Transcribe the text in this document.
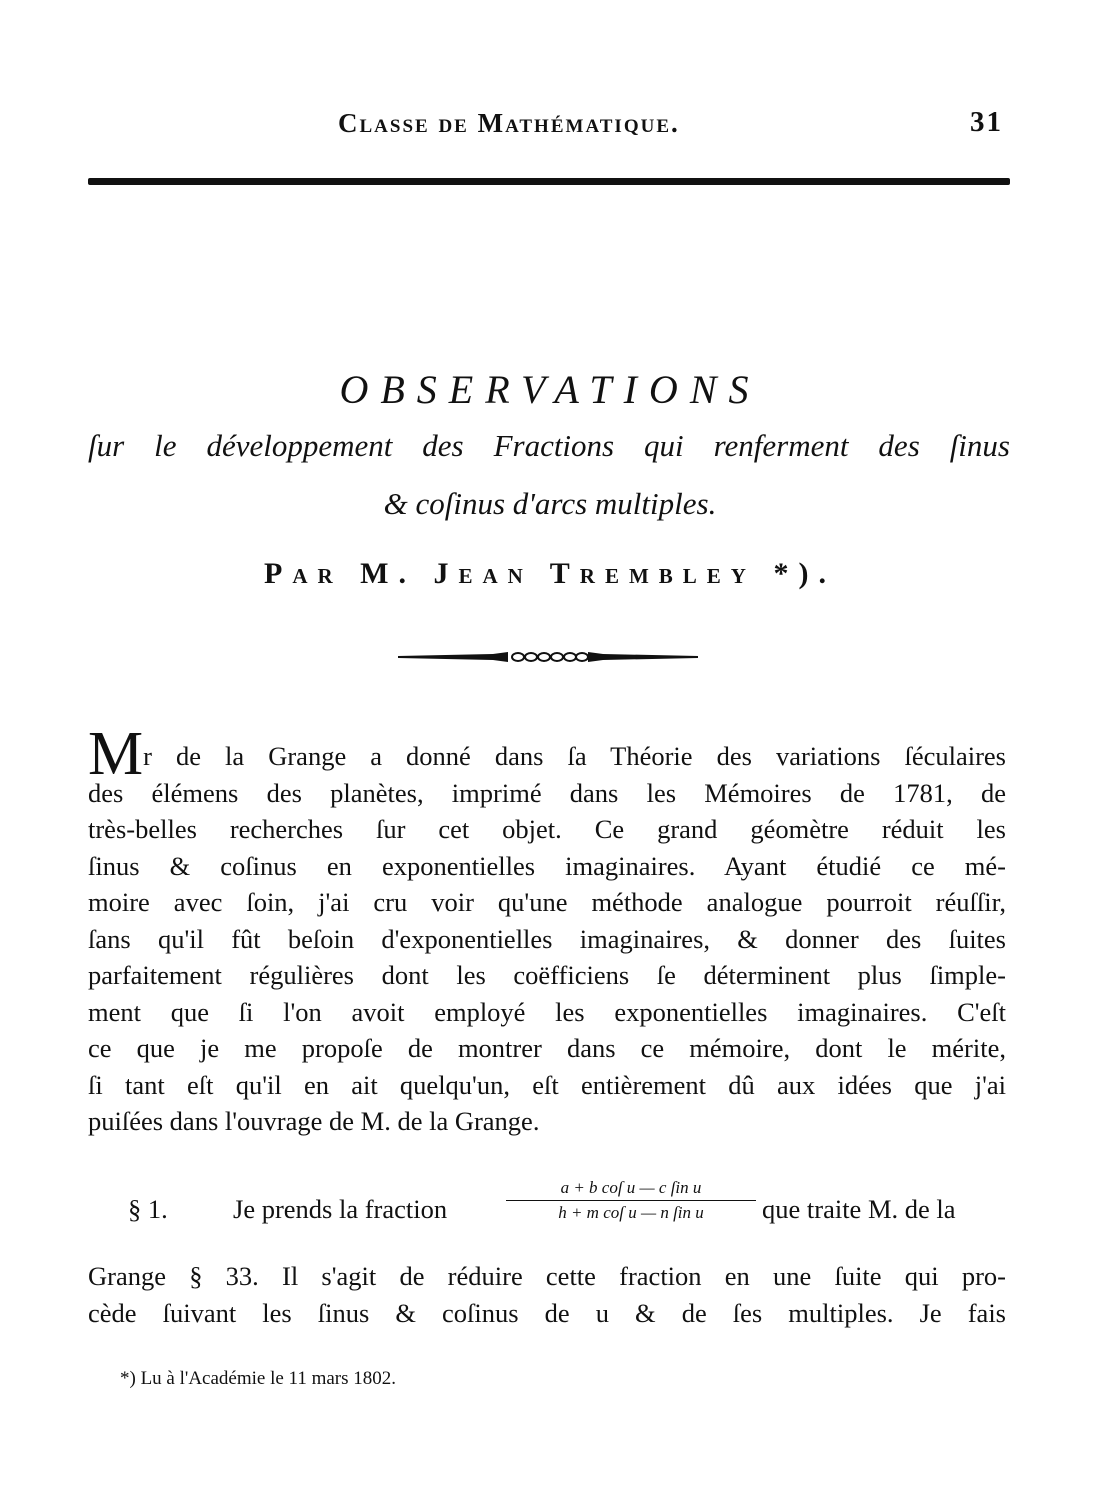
Classe de Mathématique.	31
OBSERVATIONS
ſur le développement des Fractions qui renferment des ſinus
& coſinus d'arcs multiples.
Par M. Jean Trembley *).
M r de la Grange a donné dans ſa Théorie des variations ſéculaires
des élémens des planètes, imprimé dans les Mémoires de 1781, de
très-belles recherches ſur cet objet. Ce grand géomètre réduit les
ſinus & coſinus en exponentielles imaginaires. Ayant étudié ce mé-
moire avec ſoin, j'ai cru voir qu'une méthode analogue pourroit réuſſir,
ſans qu'il fût beſoin d'exponentielles imaginaires, & donner des ſuites
parfaitement régulières dont les coëfficiens ſe déterminent plus ſimple-
ment que ſi l'on avoit employé les exponentielles imaginaires. C'eſt
ce que je me propoſe de montrer dans ce mémoire, dont le mérite,
ſi tant eſt qu'il en ait quelqu'un, eſt entièrement dû aux idées que j'ai
puiſées dans l'ouvrage de M. de la Grange.
§ 1. Je prends la fraction
a + b coſ u — c ſin u
h + m coſ u — n ſin u	que traite M. de la
Grange § 33. Il s'agit de réduire cette fraction en une ſuite qui pro-
cède ſuivant les ſinus & coſinus de u & de ſes multiples. Je fais
*) Lu à l'Académie le 11 mars 1802.
